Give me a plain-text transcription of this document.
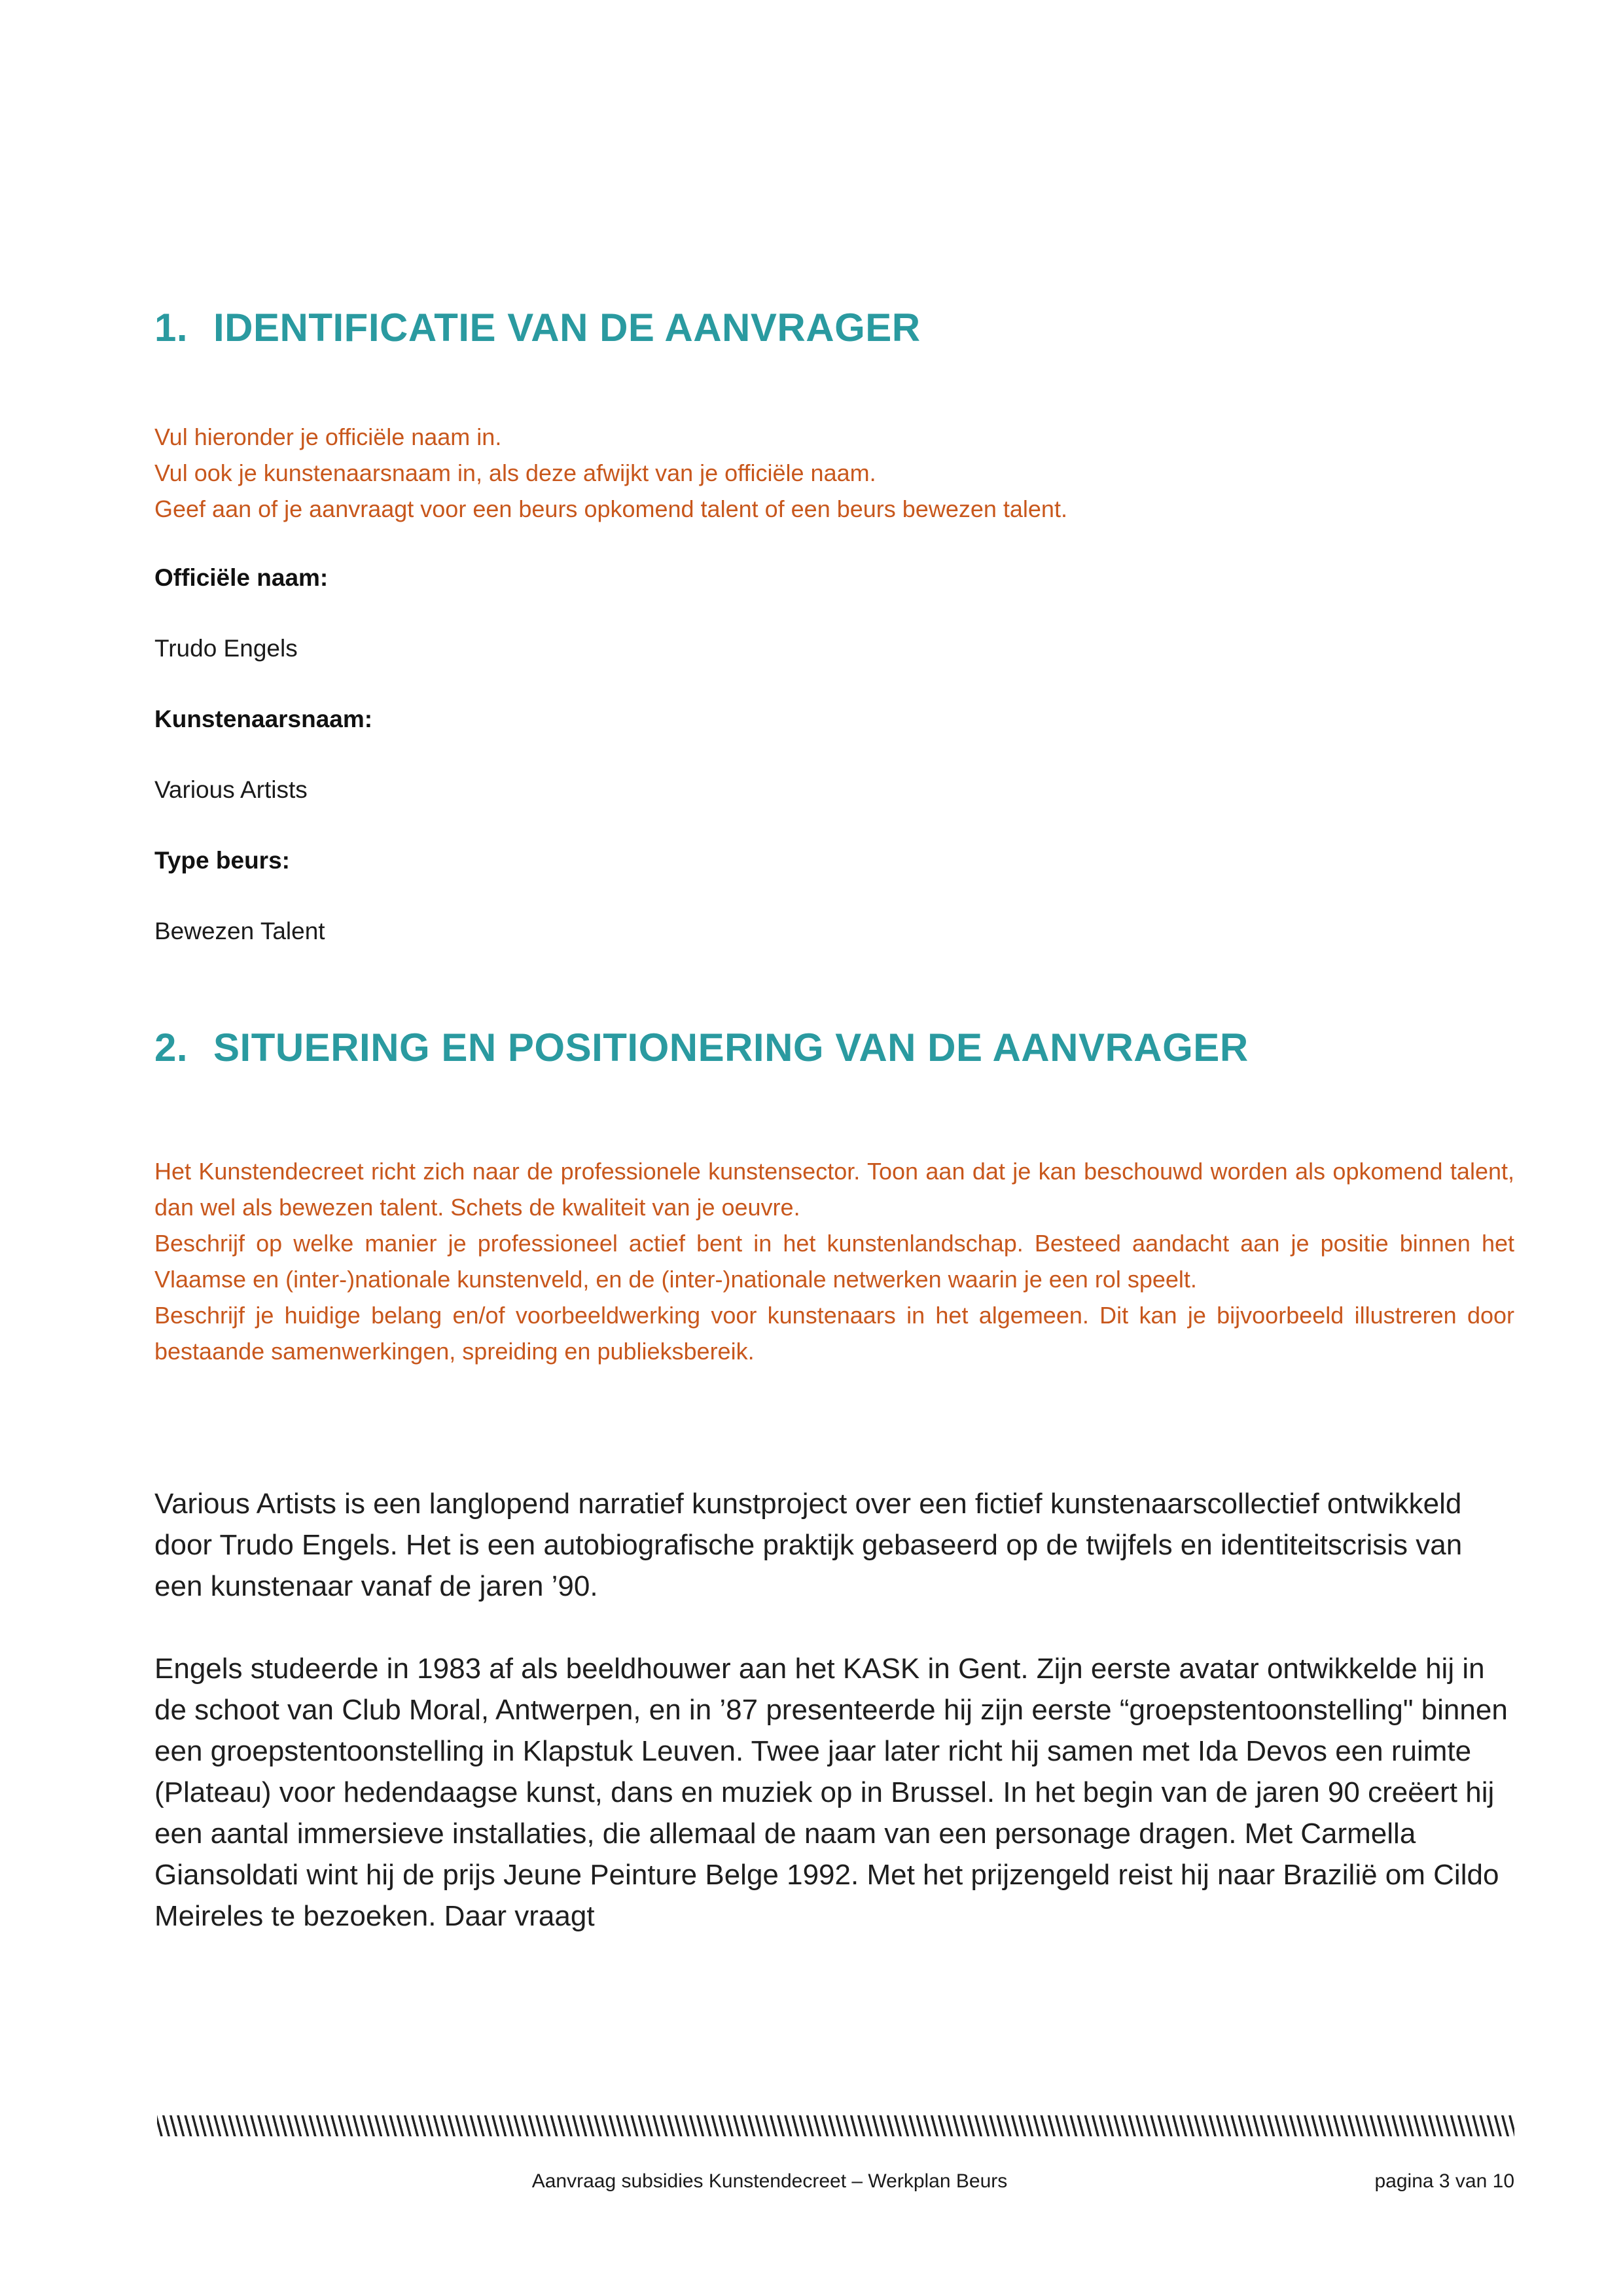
1. IDENTIFICATIE VAN DE AANVRAGER

Vul hieronder je officiële naam in.

Vul ook je kunstenaarsnaam in, als deze afwijkt van je officiële naam.

Geef aan of je aanvraagt voor een beurs opkomend talent of een beurs bewezen talent.

Officiële naam:

Trudo Engels

Kunstenaarsnaam:

Various Artists

Type beurs:

Bewezen Talent

2. SITUERING EN POSITIONERING VAN DE AANVRAGER

Het Kunstendecreet richt zich naar de professionele kunstensector. Toon aan dat je kan beschouwd worden als opkomend talent, dan wel als bewezen talent. Schets de kwaliteit van je oeuvre.

Beschrijf op welke manier je professioneel actief bent in het kunstenlandschap. Besteed aandacht aan je positie binnen het Vlaamse en (inter-)nationale kunstenveld, en de (inter-)nationale netwerken waarin je een rol speelt.

Beschrijf je huidige belang en/of voorbeeldwerking voor kunstenaars in het algemeen. Dit kan je bijvoorbeeld illustreren door bestaande samenwerkingen, spreiding en publieksbereik.

Various Artists is een langlopend narratief kunstproject over een fictief kunstenaarscollectief ontwikkeld door Trudo Engels. Het is een autobiografische praktijk gebaseerd op de twijfels en identiteitscrisis van een kunstenaar vanaf de jaren ’90.

Engels studeerde in 1983 af als beeldhouwer aan het KASK in Gent. Zijn eerste avatar ontwikkelde hij in de schoot van Club Moral, Antwerpen, en in ’87 presenteerde hij zijn eerste “groepstentoonstelling" binnen een groepstentoonstelling in Klapstuk Leuven. Twee jaar later richt hij samen met Ida Devos een ruimte (Plateau) voor hedendaagse kunst, dans en muziek op in Brussel. In het begin van de jaren 90 creëert hij een aantal immersieve installaties, die allemaal de naam van een personage dragen. Met Carmella Giansoldati wint hij de prijs Jeune Peinture Belge 1992. Met het prijzengeld reist hij naar Brazilië om Cildo Meireles te bezoeken. Daar vraagt

Aanvraag subsidies Kunstendecreet – Werkplan Beurs	pagina 3 van 10
